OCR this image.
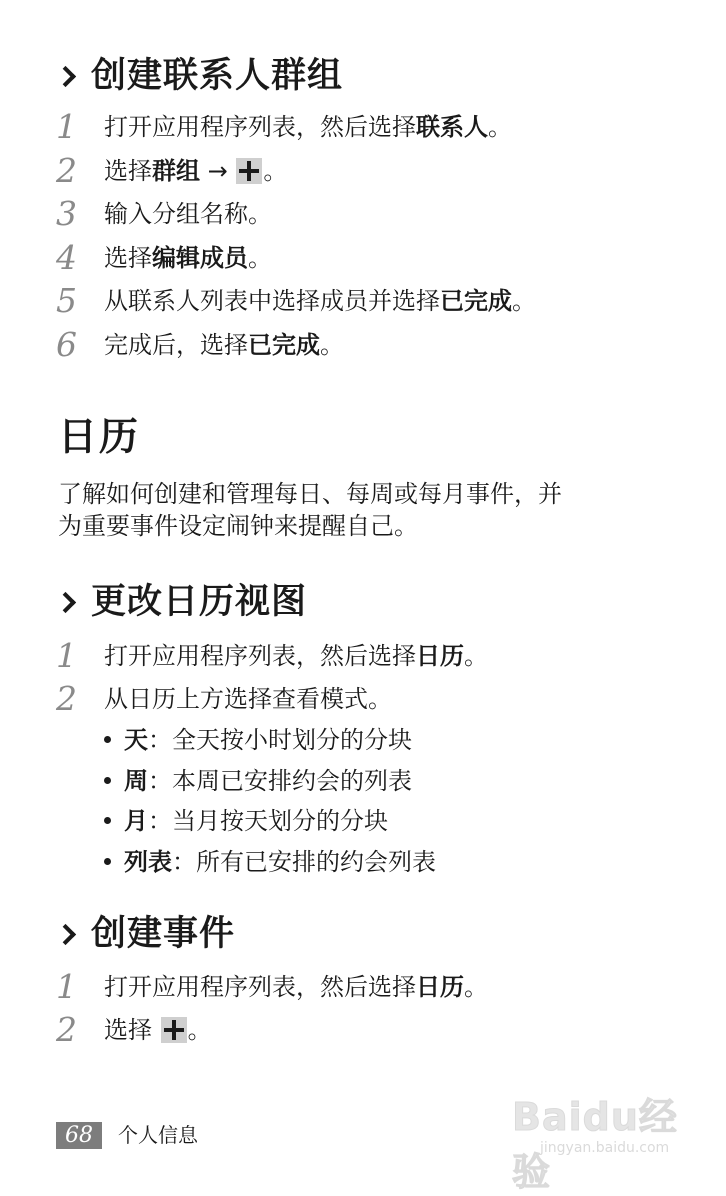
创建联系人群组
1 打开应用程序列表，然后选择联系人。
2 选择群组 → 。
3 输入分组名称。
4 选择编辑成员。
5 从联系人列表中选择成员并选择已完成。
6 完成后，选择已完成。
日历

了解如何创建和管理每日、每周或每月事件，并
为重要事件设定闹钟来提醒自己。

更改日历视图
1 打开应用程序列表，然后选择日历。
2 从日历上方选择查看模式。
天：全天按小时划分的分块
周：本周已安排约会的列表
月：当月按天划分的分块
列表：所有已安排的约会列表
创建事件
1 打开应用程序列表，然后选择日历。
2 选择 。
68	个人信息	Baidu经验
jingyan.baidu.com
